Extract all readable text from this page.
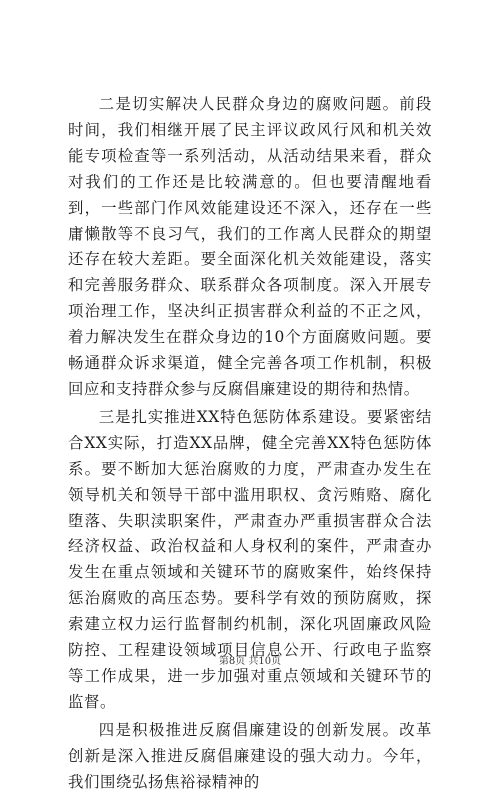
二是切实解决人民群众身边的腐败问题。前段时间，我们相继开展了民主评议政风行风和机关效能专项检查等一系列活动，从活动结果来看，群众对我们的工作还是比较满意的。但也要清醒地看到，一些部门作风效能建设还不深入，还存在一些庸懒散等不良习气，我们的工作离人民群众的期望还存在较大差距。要全面深化机关效能建设，落实和完善服务群众、联系群众各项制度。深入开展专项治理工作，坚决纠正损害群众利益的不正之风，着力解决发生在群众身边的10个方面腐败问题。要畅通群众诉求渠道，健全完善各项工作机制，积极回应和支持群众参与反腐倡廉建设的期待和热情。

三是扎实推进XX特色惩防体系建设。要紧密结合XX实际，打造XX品牌，健全完善XX特色惩防体系。要不断加大惩治腐败的力度，严肃查办发生在领导机关和领导干部中滥用职权、贪污贿赂、腐化堕落、失职渎职案件，严肃查办严重损害群众合法经济权益、政治权益和人身权利的案件，严肃查办发生在重点领域和关键环节的腐败案件，始终保持惩治腐败的高压态势。要科学有效的预防腐败，探索建立权力运行监督制约机制，深化巩固廉政风险防控、工程建设领域项目信息公开、行政电子监察等工作成果，进一步加强对重点领域和关键环节的监督。

四是积极推进反腐倡廉建设的创新发展。改革创新是深入推进反腐倡廉建设的强大动力。今年，我们围绕弘扬焦裕禄精神的

第8页 共10页
